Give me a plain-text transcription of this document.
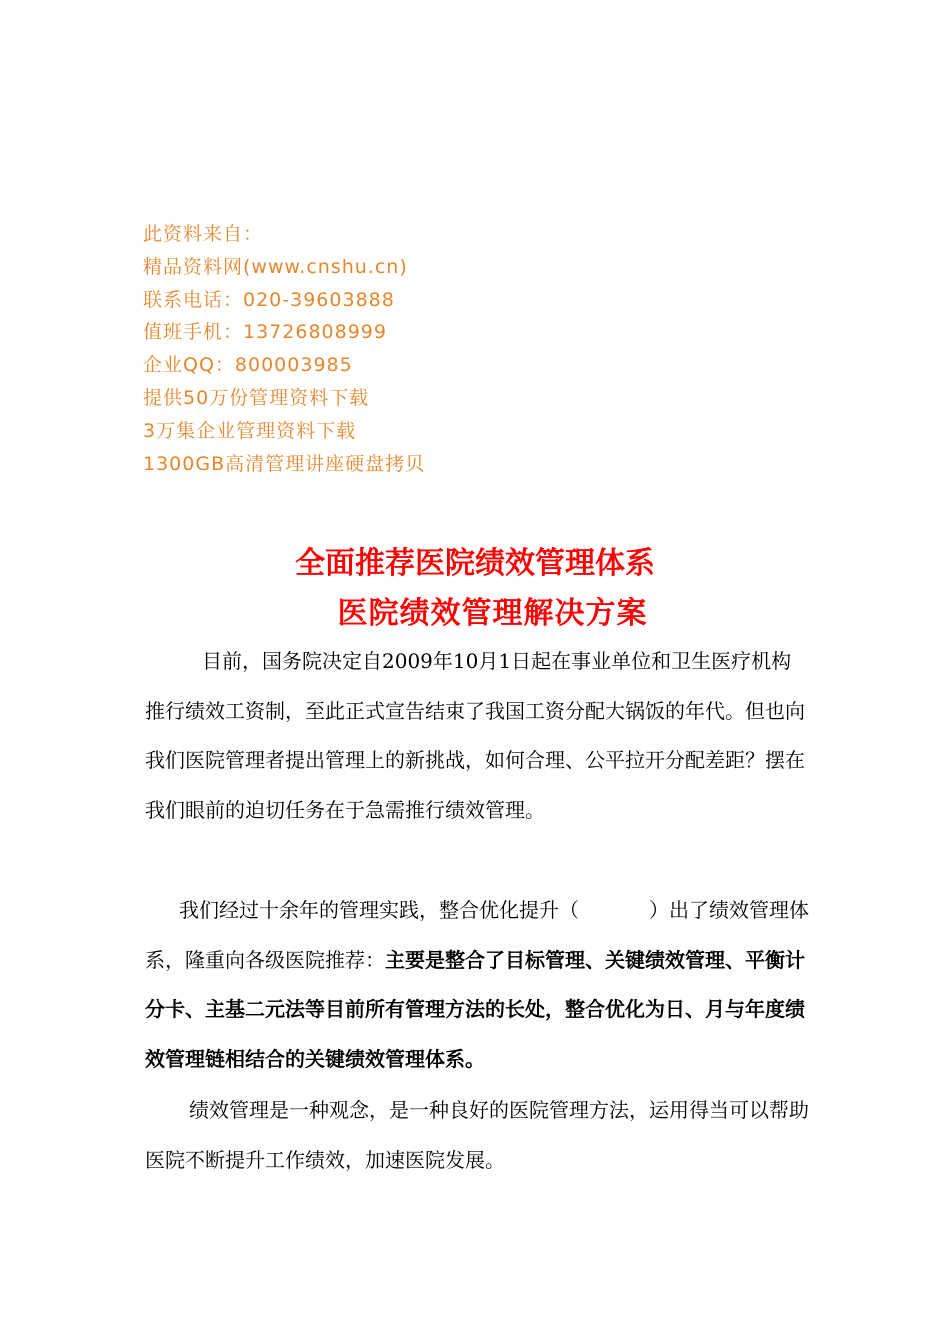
此资料来自：
精品资料网(www.cnshu.cn)
联系电话：020-39603888
值班手机：13726808999
企业QQ：800003985
提供50万份管理资料下载
3万集企业管理资料下载
1300GB高清管理讲座硬盘拷贝
全面推荐医院绩效管理体系
医院绩效管理解决方案

目前，国务院决定自2009年10月1日起在事业单位和卫生医疗机构推行绩效工资制，至此正式宣告结束了我国工资分配大锅饭的年代。但也向我们医院管理者提出管理上的新挑战，如何合理、公平拉开分配差距？摆在我们眼前的迫切任务在于急需推行绩效管理。

我们经过十余年的管理实践，整合优化提升（	）出了绩效管理体系，隆重向各级医院推荐：主要是整合了目标管理、关键绩效管理、平衡计分卡、主基二元法等目前所有管理方法的长处，整合优化为日、月与年度绩效管理链相结合的关键绩效管理体系。

绩效管理是一种观念，是一种良好的医院管理方法，运用得当可以帮助医院不断提升工作绩效，加速医院发展。
